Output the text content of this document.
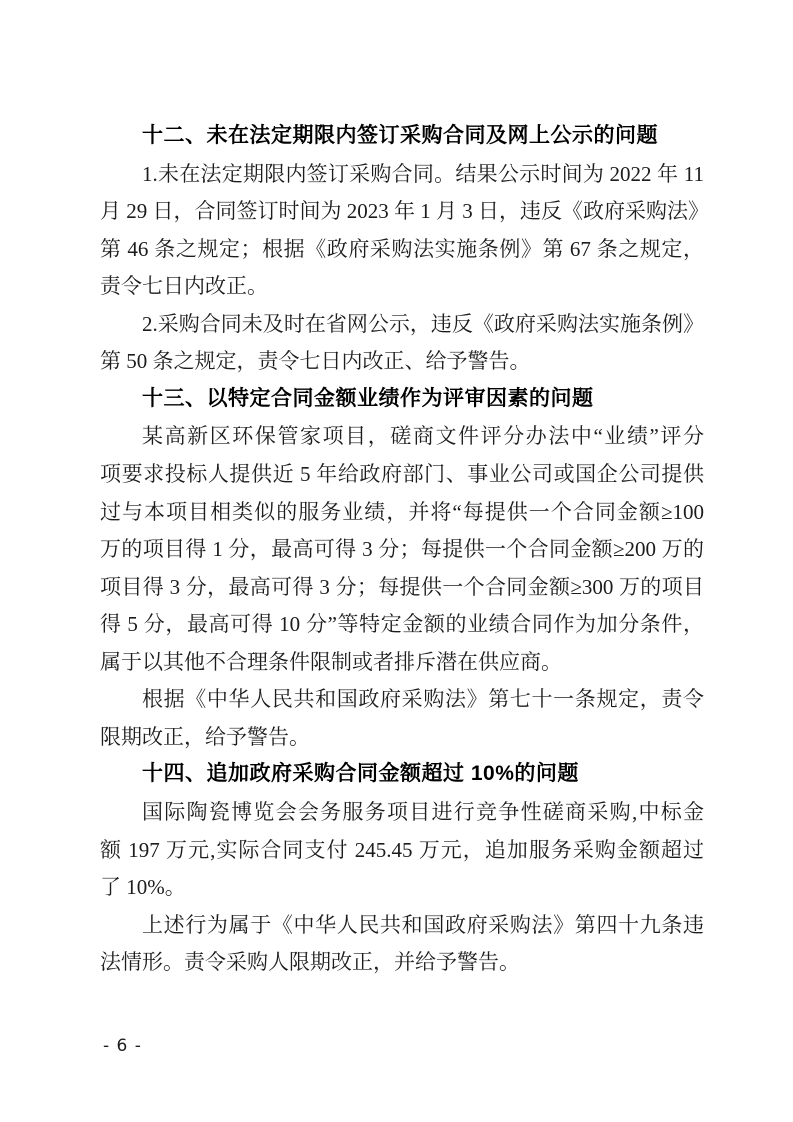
十二、未在法定期限内签订采购合同及网上公示的问题
1.未在法定期限内签订采购合同。结果公示时间为 2022 年 11
月 29 日，合同签订时间为 2023 年 1 月 3 日，违反《政府采购法》
第 46 条之规定；根据《政府采购法实施条例》第 67 条之规定，
责令七日内改正。
2.采购合同未及时在省网公示，违反《政府采购法实施条例》
第 50 条之规定，责令七日内改正、给予警告。
十三、以特定合同金额业绩作为评审因素的问题
某高新区环保管家项目，磋商文件评分办法中“业绩”评分
项要求投标人提供近 5 年给政府部门、事业公司或国企公司提供
过与本项目相类似的服务业绩，并将“每提供一个合同金额≥100
万的项目得 1 分，最高可得 3 分；每提供一个合同金额≥200 万的
项目得 3 分，最高可得 3 分；每提供一个合同金额≥300 万的项目
得 5 分，最高可得 10 分”等特定金额的业绩合同作为加分条件，
属于以其他不合理条件限制或者排斥潜在供应商。
根据《中华人民共和国政府采购法》第七十一条规定，责令
限期改正，给予警告。
十四、追加政府采购合同金额超过 10%的问题
国际陶瓷博览会会务服务项目进行竞争性磋商采购,中标金
额 197 万元,实际合同支付 245.45 万元，追加服务采购金额超过
了 10%。
上述行为属于《中华人民共和国政府采购法》第四十九条违
法情形。责令采购人限期改正，并给予警告。
- 6 -
